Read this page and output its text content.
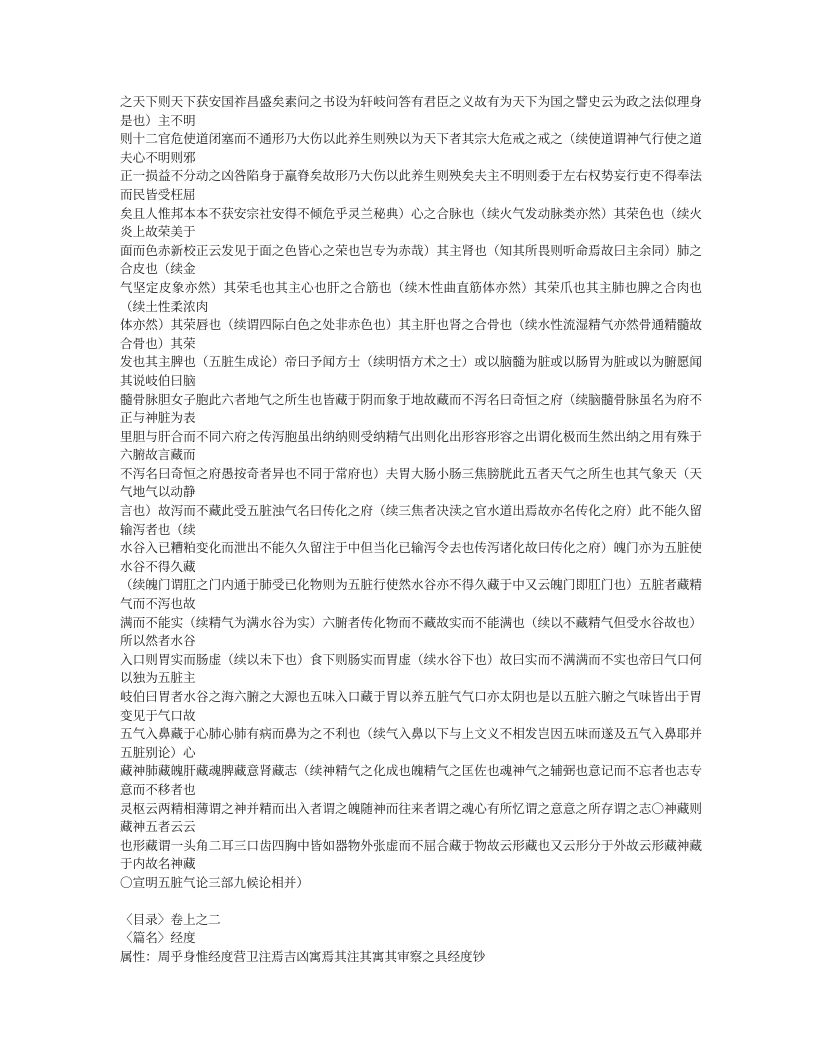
之天下则天下获安国祚昌盛矣素问之书设为轩岐问答有君臣之义故有为天下为国之譬史云为政之法似理身是也）主不明

则十二官危使道闭塞而不通形乃大伤以此养生则殃以为天下者其宗大危戒之戒之（续使道谓神气行使之道夫心不明则邪

正一损益不分动之凶咎陷身于羸脊矣故形乃大伤以此养生则殃矣夫主不明则委于左右权势妄行吏不得奉法而民皆受枉屈

矣且人惟邦本本不获安宗社安得不倾危乎灵兰秘典）心之合脉也（续火气发动脉类亦然）其荣色也（续火炎上故荣美于

面而色赤新校正云发见于面之色皆心之荣也岂专为赤哉）其主肾也（知其所畏则听命焉故曰主余同）肺之合皮也（续金

气坚定皮象亦然）其荣毛也其主心也肝之合筋也（续木性曲直筋体亦然）其荣爪也其主肺也脾之合肉也（续土性柔浓肉

体亦然）其荣唇也（续谓四际白色之处非赤色也）其主肝也肾之合骨也（续水性流湿精气亦然骨通精髓故合骨也）其荣

发也其主脾也（五脏生成论）帝曰予闻方士（续明悟方术之士）或以脑髓为脏或以肠胃为脏或以为腑愿闻其说岐伯曰脑

髓骨脉胆女子胞此六者地气之所生也皆藏于阴而象于地故藏而不泻名曰奇恒之府（续脑髓骨脉虽名为府不正与神脏为表

里胆与肝合而不同六府之传泻胞虽出纳纳则受纳精气出则化出形容形容之出谓化极而生然出纳之用有殊于六腑故言藏而

不泻名曰奇恒之府愚按奇者异也不同于常府也）夫胃大肠小肠三焦膀胱此五者天气之所生也其气象天（天气地气以动静

言也）故泻而不藏此受五脏浊气名曰传化之府（续三焦者决渎之官水道出焉故亦名传化之府）此不能久留输泻者也（续

水谷入已糟粕变化而泄出不能久久留注于中但当化已输泻令去也传泻诸化故曰传化之府）魄门亦为五脏使水谷不得久藏

（续魄门谓肛之门内通于肺受已化物则为五脏行使然水谷亦不得久藏于中又云魄门即肛门也）五脏者藏精气而不泻也故

满而不能实（续精气为满水谷为实）六腑者传化物而不藏故实而不能满也（续以不藏精气但受水谷故也）所以然者水谷

入口则胃实而肠虚（续以未下也）食下则肠实而胃虚（续水谷下也）故曰实而不满满而不实也帝曰气口何以独为五脏主

岐伯曰胃者水谷之海六腑之大源也五味入口藏于胃以养五脏气气口亦太阴也是以五脏六腑之气味皆出于胃变见于气口故

五气入鼻藏于心肺心肺有病而鼻为之不利也（续气入鼻以下与上文义不相发岂因五味而遂及五气入鼻耶并五脏别论）心

藏神肺藏魄肝藏魂脾藏意肾藏志（续神精气之化成也魄精气之匡佐也魂神气之辅弼也意记而不忘者也志专意而不移者也

灵枢云两精相薄谓之神并精而出入者谓之魄随神而往来者谓之魂心有所忆谓之意意之所存谓之志〇神藏则藏神五者云云

也形藏谓一头角二耳三口齿四胸中皆如器物外张虚而不屈合藏于物故云形藏也又云形分于外故云形藏神藏于内故名神藏

〇宣明五脏气论三部九候论相并）

〈目录〉卷上之二

〈篇名〉经度

属性：周乎身惟经度营卫注焉吉凶寓焉其注其寓其审察之具经度钞
